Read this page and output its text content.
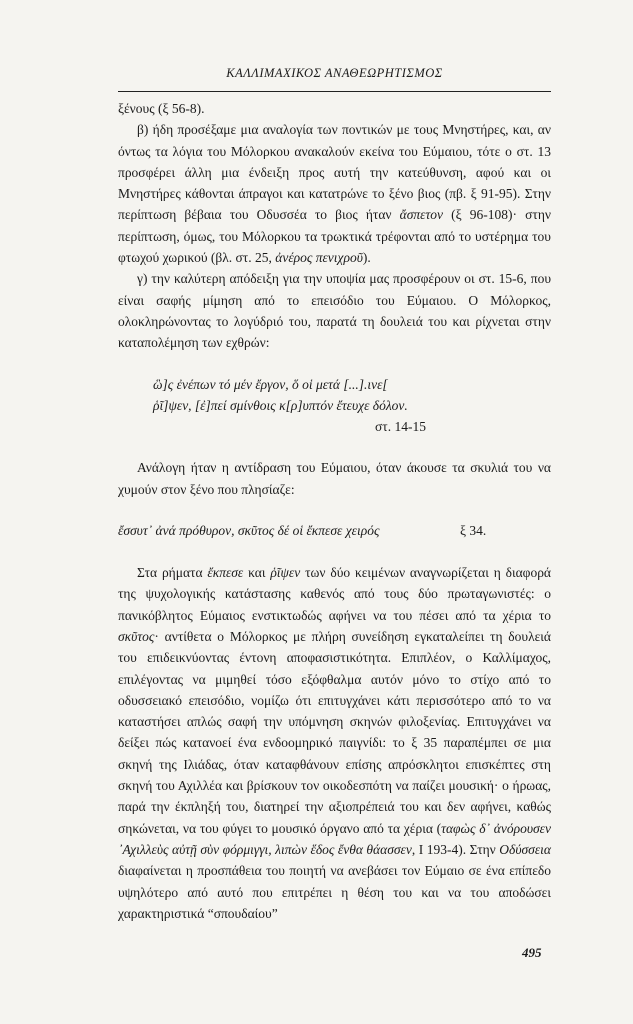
ΚΑΛΛΙΜΑΧΙΚΟΣ ΑΝΑΘΕΩΡΗΤΙΣΜΟΣ

ξένους (ξ 56-8).

β) ήδη προσέξαμε μια αναλογία των ποντικών με τους Μνηστήρες, και, αν όντως τα λόγια του Μόλορκου ανακαλούν εκείνα του Εύμαιου, τότε ο στ. 13 προσφέρει άλλη μια ένδειξη προς αυτή την κατεύθυνση, αφού και οι Μνηστήρες κάθονται άπραγοι και κατατρώνε το ξένο βιος (πβ. ξ 91-95). Στην περίπτωση βέβαια του Οδυσσέα το βιος ήταν ἄσπετον (ξ 96-108)· στην περίπτωση, όμως, του Μόλορκου τα τρωκτικά τρέφονται από το υστέρημα του φτωχού χωρικού (βλ. στ. 25, ἀνέρος πενιχροῦ).

γ) την καλύτερη απόδειξη για την υποψία μας προσφέρουν οι στ. 15-6, που είναι σαφής μίμηση από το επεισόδιο του Εύμαιου. Ο Μόλορκος, ολοκληρώνοντας το λογύδριό του, παρατά τη δουλειά του και ρίχνεται στην καταπολέμηση των εχθρών:

ὣ]ς ἐνέπων τό μέν ἔργον, ὅ οἱ μετά [...].ινε[
ῥῖ]ψεν, [ἐ]πεί σμίνθοις κ[ρ]υπτόν ἔτευχε δόλον.
στ. 14-15

Ανάλογη ήταν η αντίδραση του Εύμαιου, όταν άκουσε τα σκυλιά του να χυμούν στον ξένο που πλησίαζε:

ἔσσυτ᾽ ἀνά πρόθυρον, σκῦτος δέ οἱ ἔκπεσε χειρός	ξ 34.

Στα ρήματα ἔκπεσε και ῥῖψεν των δύο κειμένων αναγνωρίζεται η διαφορά της ψυχολογικής κατάστασης καθενός από τους δύο πρωταγωνιστές: ο πανικόβλητος Εύμαιος ενστικτωδώς αφήνει να του πέσει από τα χέρια το σκῦτος· αντίθετα ο Μόλορκος με πλήρη συνείδηση εγκαταλείπει τη δουλειά του επιδεικνύοντας έντονη αποφασιστικότητα. Επιπλέον, ο Καλλίμαχος, επιλέγοντας να μιμηθεί τόσο εξόφθαλμα αυτόν μόνο το στίχο από το οδυσσειακό επεισόδιο, νομίζω ότι επιτυγχάνει κάτι περισσότερο από το να καταστήσει απλώς σαφή την υπόμνηση σκηνών φιλοξενίας. Επιτυγχάνει να δείξει πώς κατανοεί ένα ενδοομηρικό παιγνίδι: το ξ 35 παραπέμπει σε μια σκηνή της Ιλιάδας, όταν καταφθάνουν επίσης απρόσκλητοι επισκέπτες στη σκηνή του Αχιλλέα και βρίσκουν τον οικοδεσπότη να παίζει μουσική· ο ήρωας, παρά την έκπληξή του, διατηρεί την αξιοπρέπειά του και δεν αφήνει, καθώς σηκώνεται, να του φύγει το μουσικό όργανο από τα χέρια (ταφὼς δ᾽ ἀνόρουσεν ᾽Αχιλλεὺς αὐτῇ σὺν φόρμιγγι, λιπὼν ἕδος ἔνθα θάασσεν, Ι 193-4). Στην Οδύσσεια διαφαίνεται η προσπάθεια του ποιητή να ανεβάσει τον Εύμαιο σε ένα επίπεδο υψηλότερο από αυτό που επιτρέπει η θέση του και να του αποδώσει χαρακτηριστικά “σπουδαίου”

495
